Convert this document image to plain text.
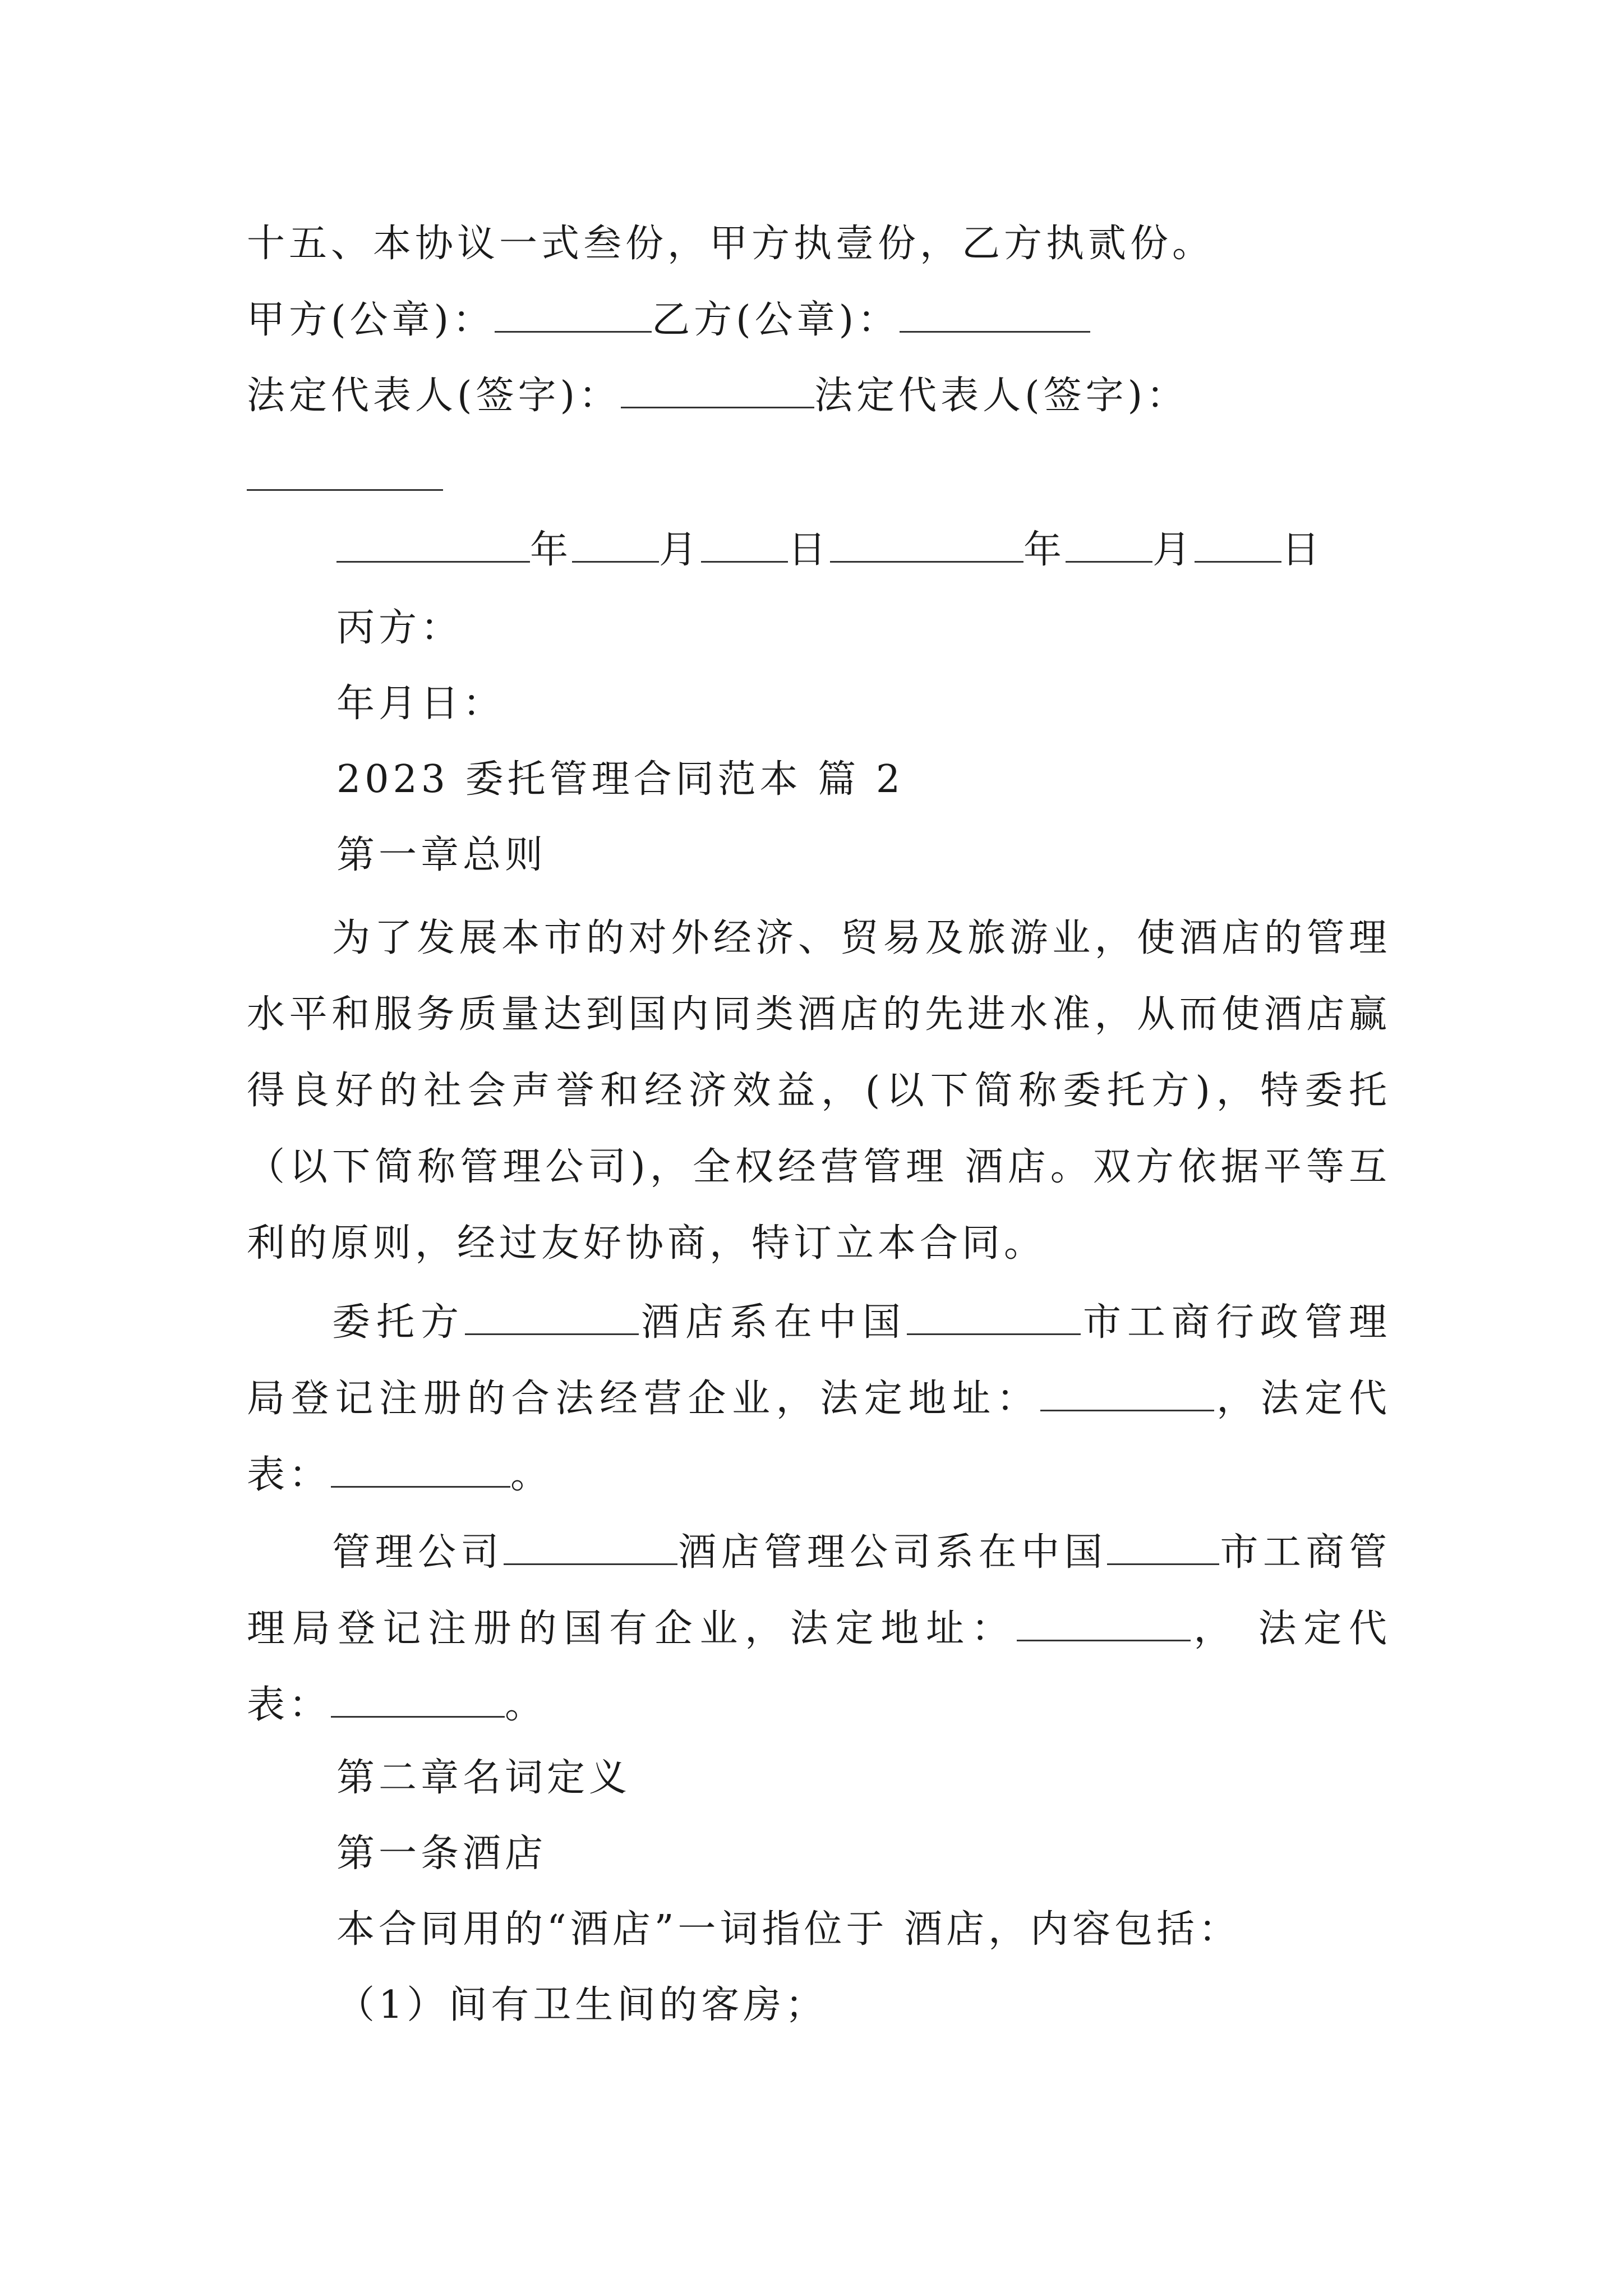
十五、本协议一式叁份，甲方执壹份，乙方执贰份。
甲方(公章)：	乙方(公章)：
法定代表人(签字)：	法定代表人(签字)：
年 月 日	年 月 日
丙方：
年月日：
2023 委托管理合同范本 篇 2
第一章总则
为了发展本市的对外经济、贸易及旅游业，使酒店的管理水平和服务质量达到国内同类酒店的先进水准，从而使酒店赢得良好的社会声誉和经济效益，(以下简称委托方)，特委托 （以下简称管理公司)，全权经营管理 酒店。双方依据平等互利的原则，经过友好协商，特订立本合同。
委托方	酒店系在中国	市工商行政管理局登记注册的合法经营企业，法定地址：	，法定代表：	。
管理公司	酒店管理公司系在中国	市工商管理局登记注册的国有企业，法定地址：	， 法定代表：	。
第二章名词定义
第一条酒店
本合同用的“酒店”一词指位于 酒店，内容包括：
（1）间有卫生间的客房；
